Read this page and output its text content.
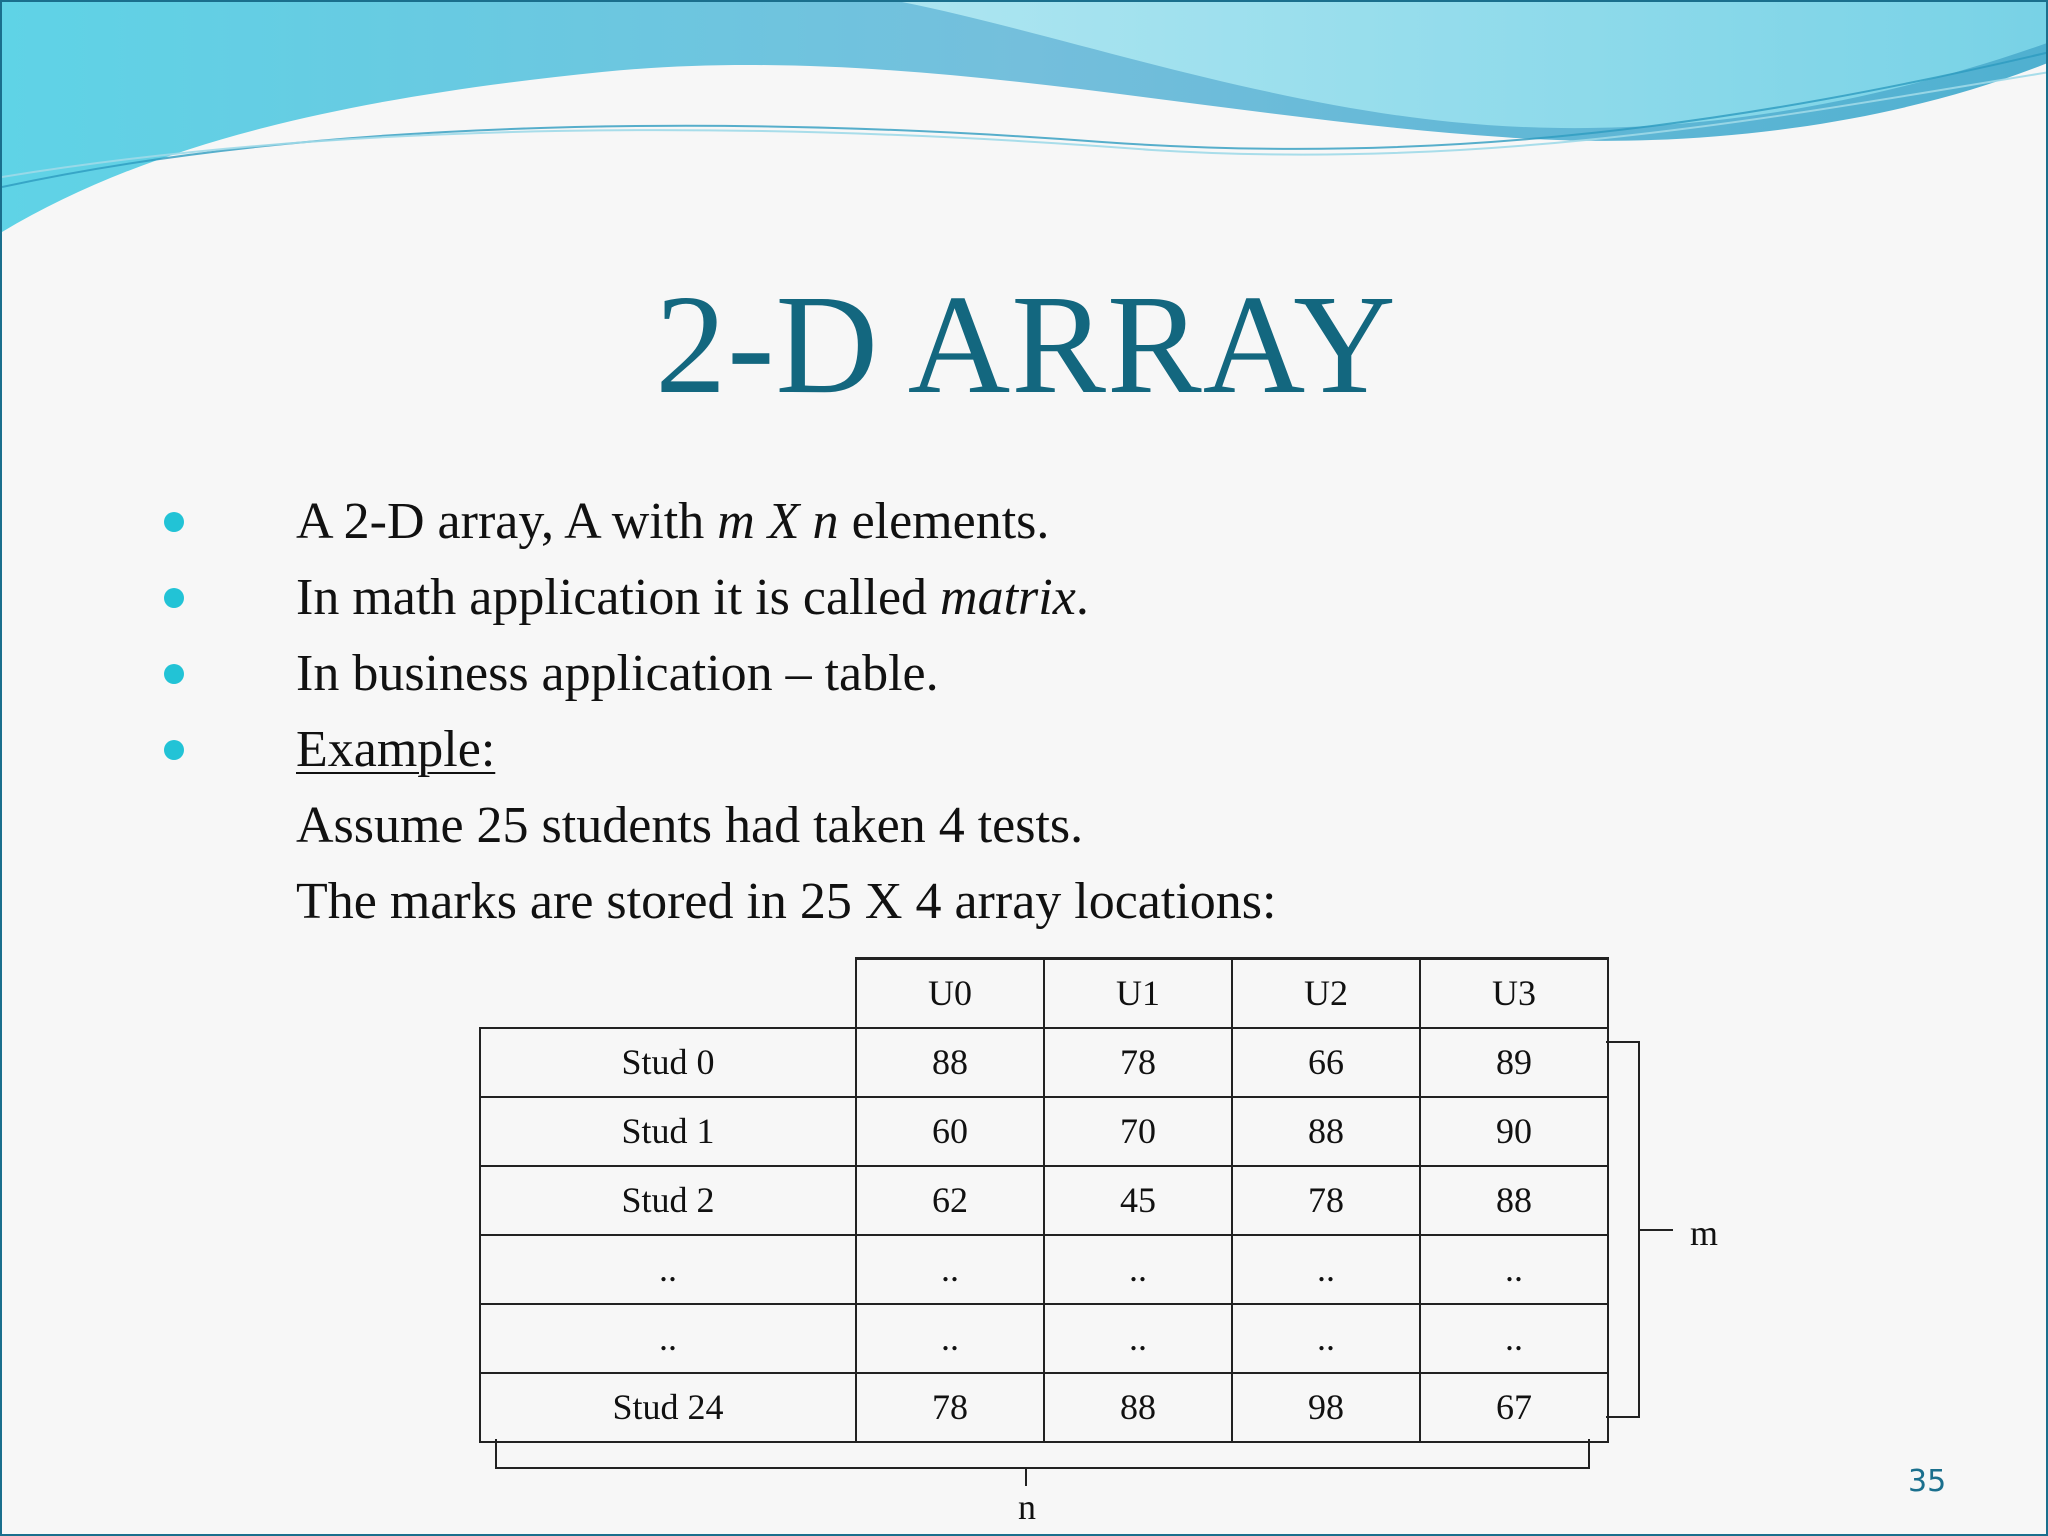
2-D ARRAY
A 2-D array, A with m X n elements.
In math application it is called matrix.
In business application – table.
Example:
Assume 25 students had taken 4 tests.
The marks are stored in 25 X 4 array locations:
	U0	U1	U2	U3
Stud 0	88	78	66	89
Stud 1	60	70	88	90
Stud 2	62	45	78	88
..	..	..	..	..
..	..	..	..	..
Stud 24	78	88	98	67
m
n
35
